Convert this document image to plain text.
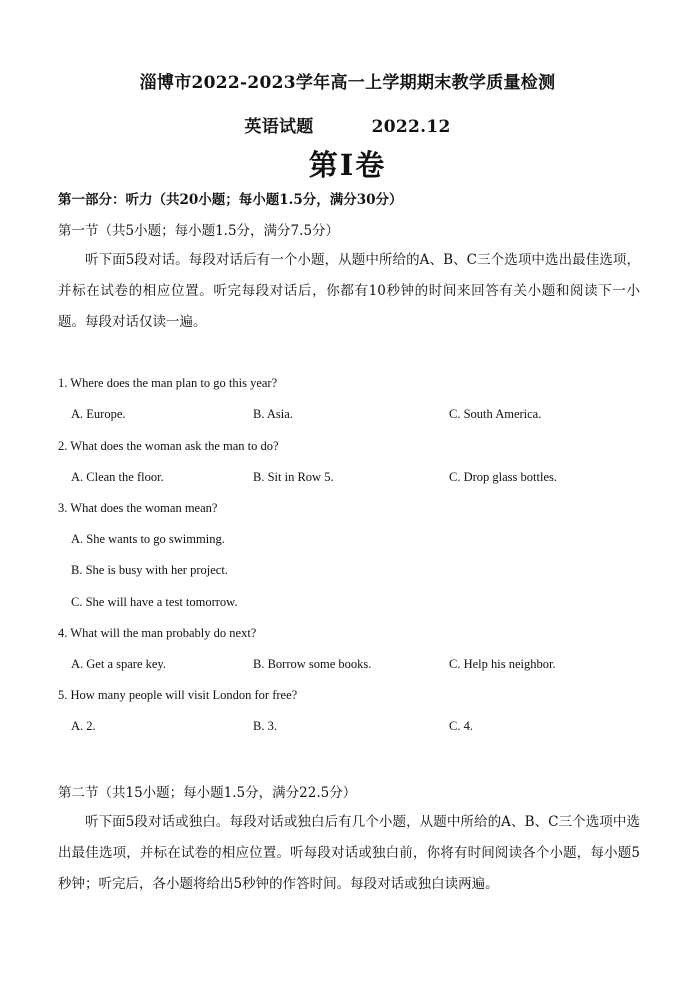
淄博市2022-2023学年高一上学期期末教学质量检测
英语试题	2022.12
第I卷
第一部分：听力（共20小题；每小题1.5分，满分30分）
第一节（共5小题；每小题1.5分，满分7.5分）
听下面5段对话。每段对话后有一个小题，从题中所给的A、B、C三个选项中选出最佳选项，并标在试卷的相应位置。听完每段对话后，你都有10秒钟的时间来回答有关小题和阅读下一小题。每段对话仅读一遍。
1. Where does the man plan to go this year?
A. Europe.	B. Asia.	C. South America.
2. What does the woman ask the man to do?
A. Clean the floor.	B. Sit in Row 5.	C. Drop glass bottles.
3. What does the woman mean?
A. She wants to go swimming.
B. She is busy with her project.
C. She will have a test tomorrow.
4. What will the man probably do next?
A. Get a spare key.	B. Borrow some books.	C. Help his neighbor.
5. How many people will visit London for free?
A. 2.	B. 3.	C. 4.
第二节（共15小题；每小题1.5分，满分22.5分）
听下面5段对话或独白。每段对话或独白后有几个小题，从题中所给的A、B、C三个选项中选出最佳选项，并标在试卷的相应位置。听每段对话或独白前，你将有时间阅读各个小题，每小题5秒钟；听完后，各小题将给出5秒钟的作答时间。每段对话或独白读两遍。
